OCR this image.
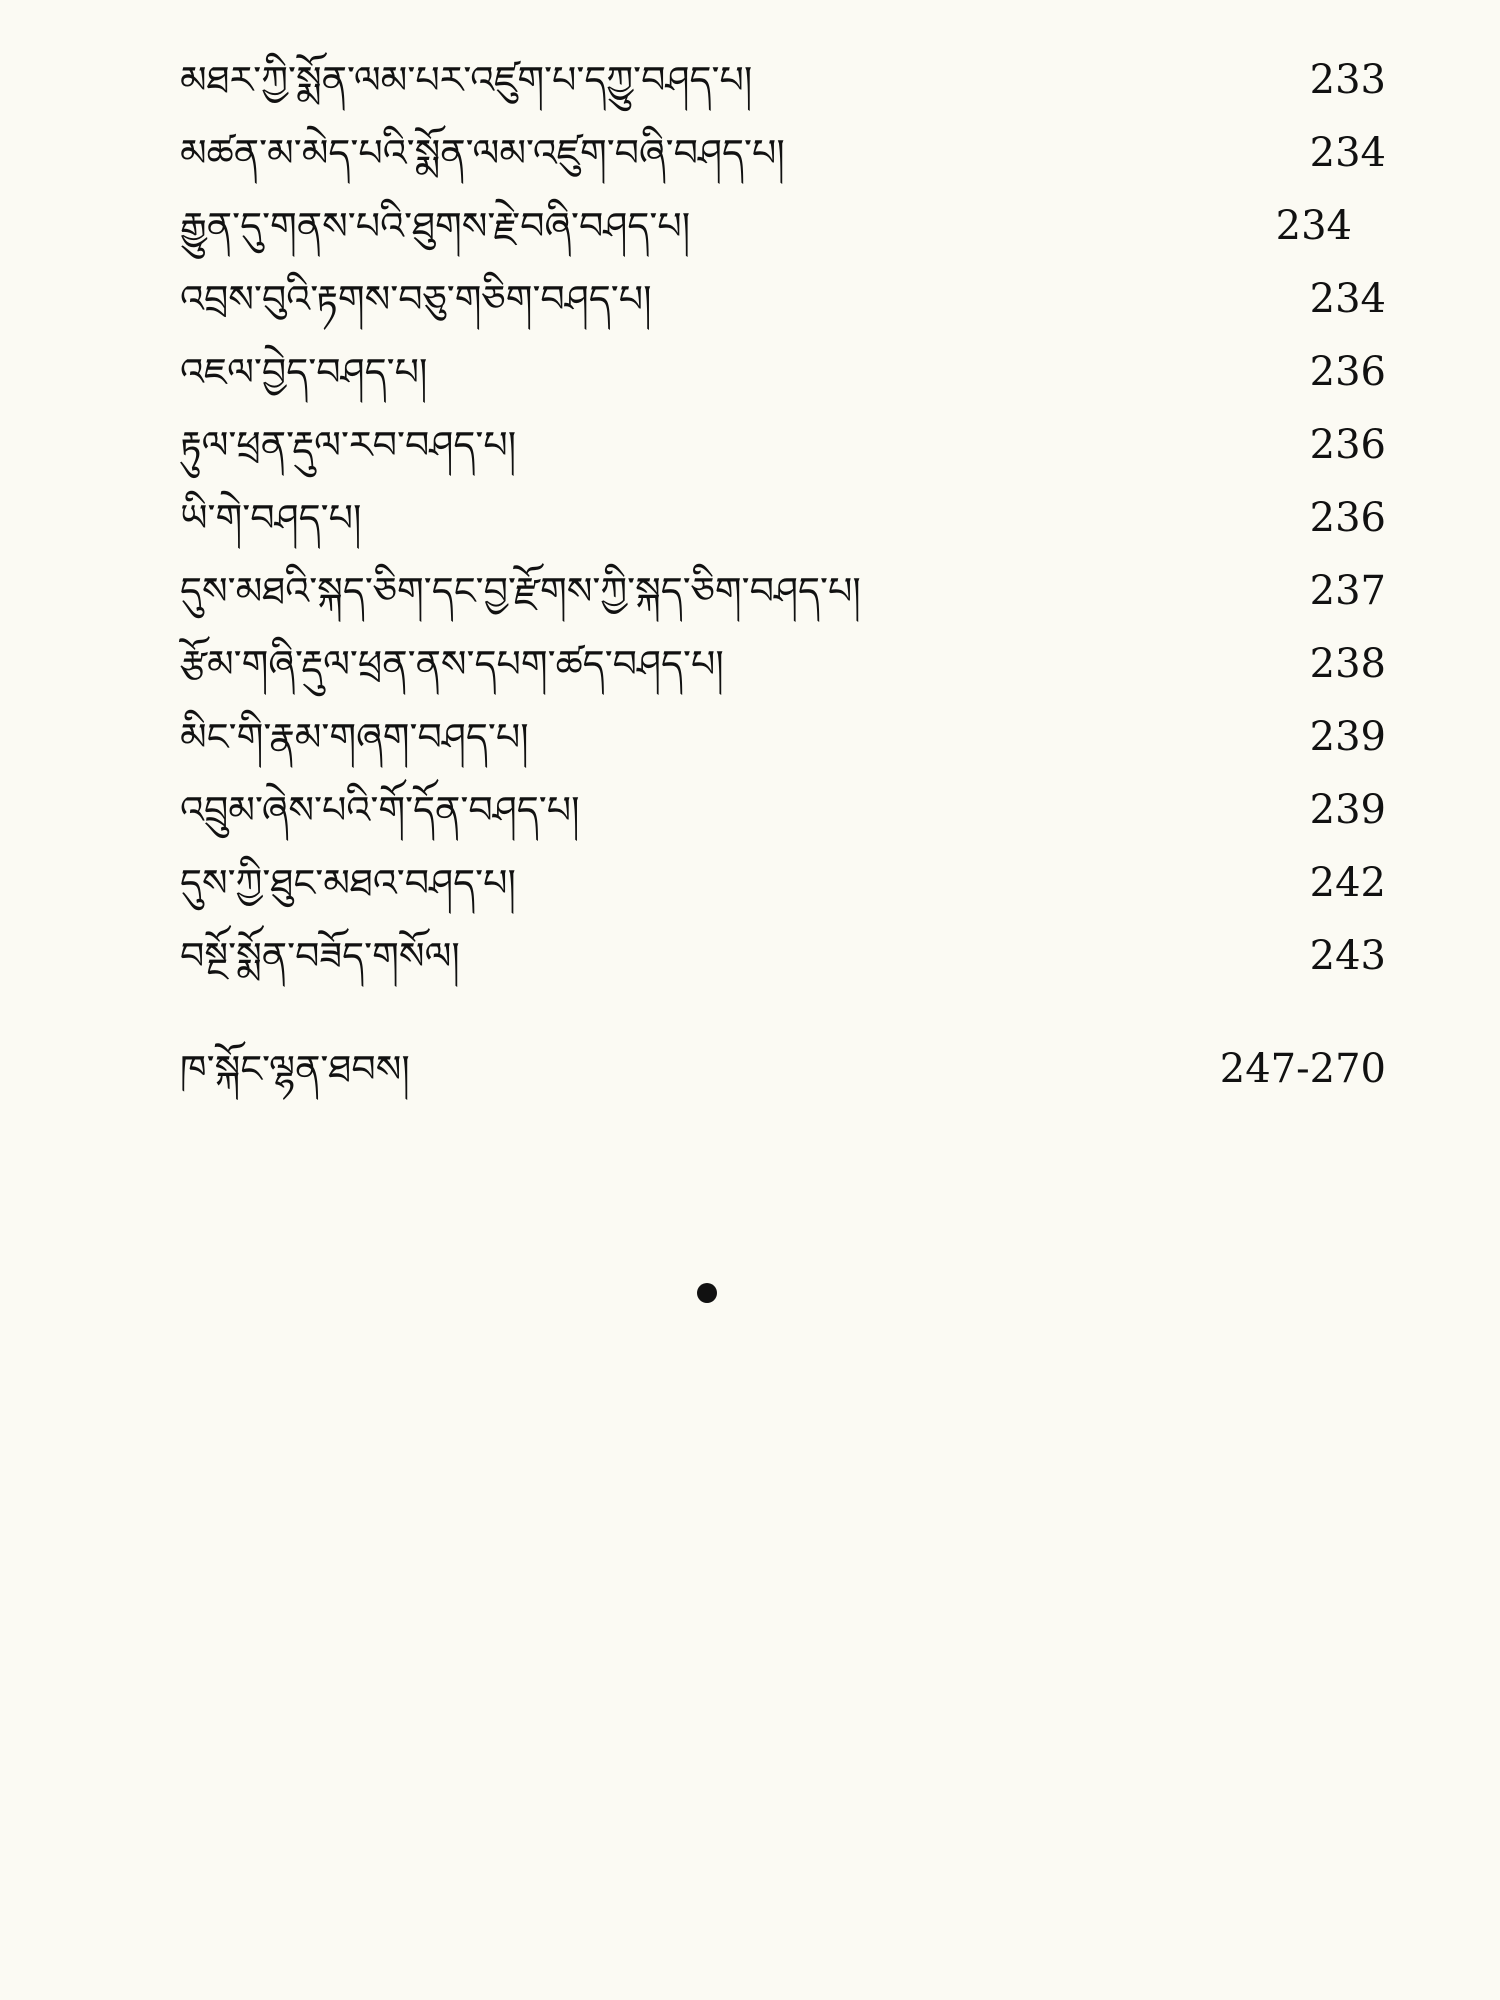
མཐར་ཀྱི་སྨོན་ལམ་པར་འཛུག་པ་དཀྱུ་བཤད་པ།	233
མཚན་མ་མེད་པའི་སྨོན་ལམ་འཛུག་བཞི་བཤད་པ།	234
རྒྱུན་དུ་གནས་པའི་ཐུགས་རྗེ་བཞི་བཤད་པ།	234
འབྲས་བུའི་རྟགས་བཅུ་གཅིག་བཤད་པ།	234
འཇལ་བྱེད་བཤད་པ།	236
རྟུལ་ཕྲན་རྡུལ་རབ་བཤད་པ།	236
ཡི་གེ་བཤད་པ།	236
དུས་མཐའི་སྐད་ཅིག་དང་བྱ་རྫོགས་ཀྱི་སྐད་ཅིག་བཤད་པ།	237
རྩོམ་གཞི་རྡུལ་ཕྲན་ནས་དཔག་ཚད་བཤད་པ།	238
མིང་གི་རྣམ་གཞག་བཤད་པ།	239
འབྲུམ་ཞེས་པའི་གོ་དོན་བཤད་པ།	239
དུས་ཀྱི་ཐུང་མཐའ་བཤད་པ།	242
བསྔོ་སྨོན་བཟོད་གསོལ།	243
ཁ་སྐོང་ལྷན་ཐབས།	247-270
